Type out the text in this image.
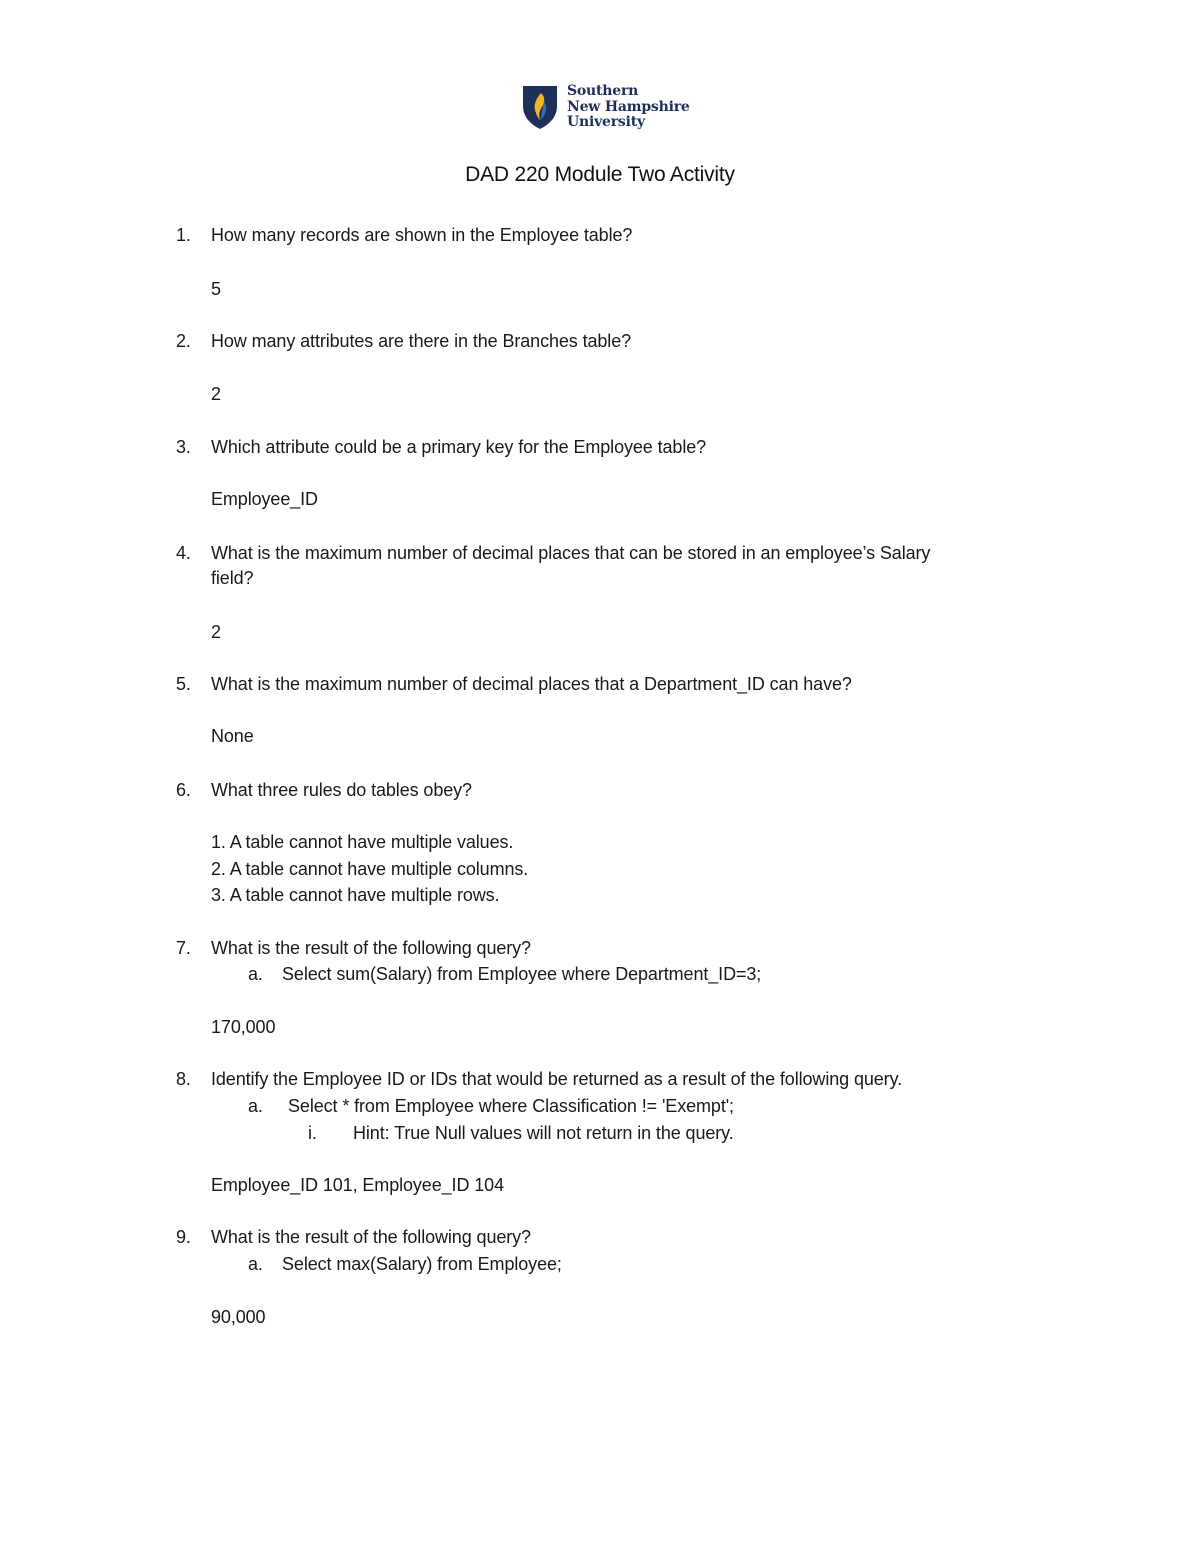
Southern
New Hampshire
University
DAD 220 Module Two Activity
1. How many records are shown in the Employee table?
5
2. How many attributes are there in the Branches table?
2
3. Which attribute could be a primary key for the Employee table?
Employee_ID
4. What is the maximum number of decimal places that can be stored in an employee’s Salary
field?
2
5. What is the maximum number of decimal places that a Department_ID can have?
None
6. What three rules do tables obey?
1. A table cannot have multiple values.
2. A table cannot have multiple columns.
3. A table cannot have multiple rows.
7. What is the result of the following query?
a. Select sum(Salary) from Employee where Department_ID=3;
170,000
8. Identify the Employee ID or IDs that would be returned as a result of the following query.
a. Select * from Employee where Classification != 'Exempt';
i. Hint: True Null values will not return in the query.
Employee_ID 101, Employee_ID 104
9. What is the result of the following query?
a. Select max(Salary) from Employee;
90,000
